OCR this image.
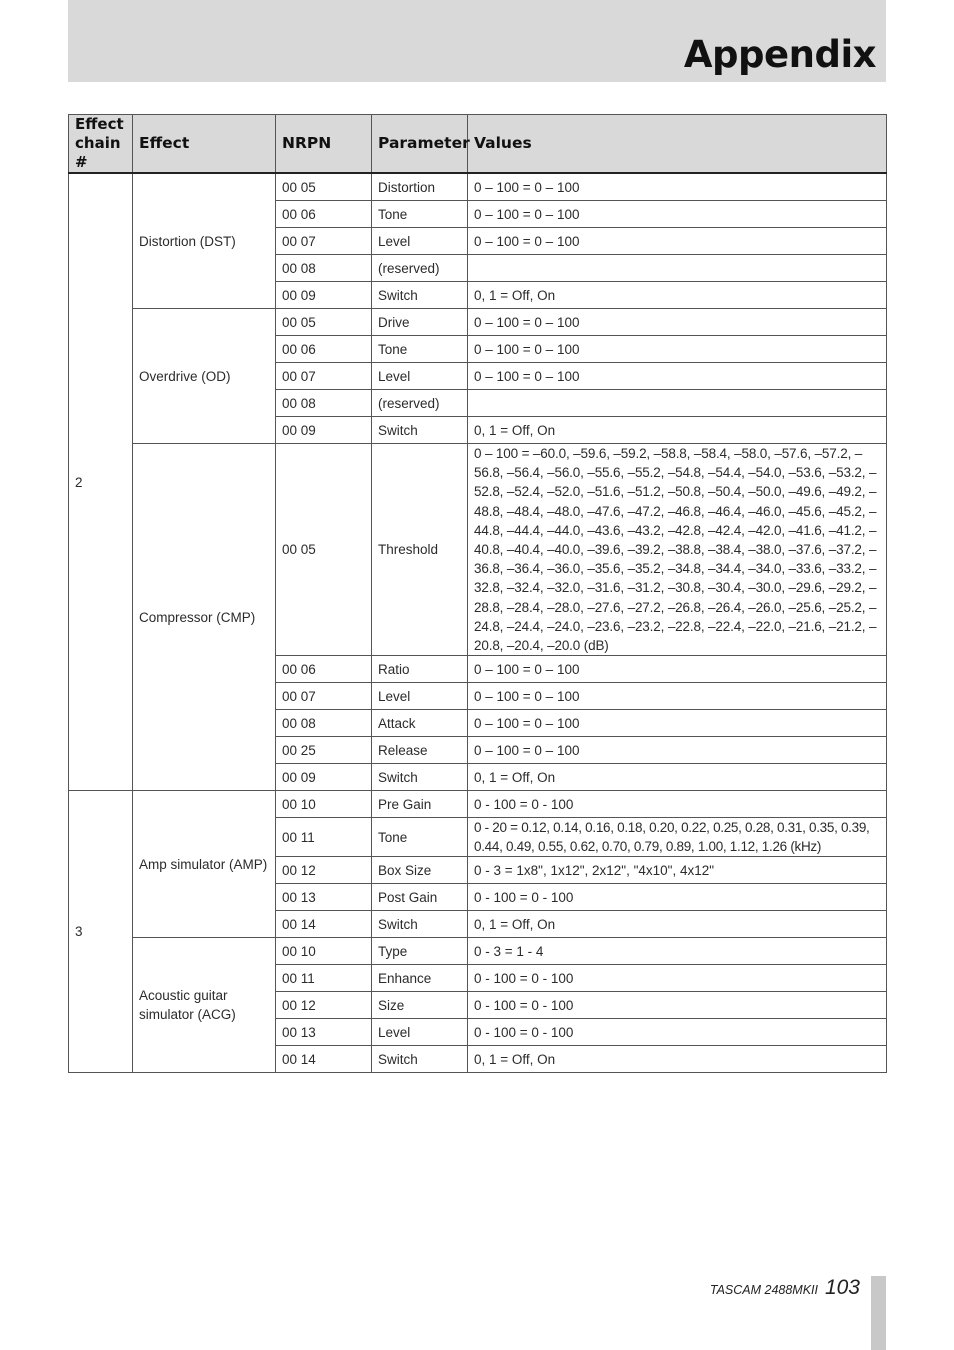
Appendix
Effect chain #	Effect	NRPN	Parameter	Values
2	Distortion (DST)	00 05	Distortion	0 – 100 = 0 – 100
		00 06	Tone	0 – 100 = 0 – 100
		00 07	Level	0 – 100 = 0 – 100
		00 08	(reserved)	
		00 09	Switch	0, 1 = Off, On
	Overdrive (OD)	00 05	Drive	0 – 100 = 0 – 100
		00 06	Tone	0 – 100 = 0 – 100
		00 07	Level	0 – 100 = 0 – 100
		00 08	(reserved)	
		00 09	Switch	0, 1 = Off, On
	Compressor (CMP)	00 05	Threshold	0 – 100 = –60.0, –59.6, –59.2, –58.8, –58.4, –58.0, –57.6, –57.2, –56.8, –56.4, –56.0, –55.6, –55.2, –54.8, –54.4, –54.0, –53.6, –53.2, –52.8, –52.4, –52.0, –51.6, –51.2, –50.8, –50.4, –50.0, –49.6, –49.2, –48.8, –48.4, –48.0, –47.6, –47.2, –46.8, –46.4, –46.0, –45.6, –45.2, –44.8, –44.4, –44.0, –43.6, –43.2, –42.8, –42.4, –42.0, –41.6, –41.2, –40.8, –40.4, –40.0, –39.6, –39.2, –38.8, –38.4, –38.0, –37.6, –37.2, –36.8, –36.4, –36.0, –35.6, –35.2, –34.8, –34.4, –34.0, –33.6, –33.2, –32.8, –32.4, –32.0, –31.6, –31.2, –30.8, –30.4, –30.0, –29.6, –29.2, –28.8, –28.4, –28.0, –27.6, –27.2, –26.8, –26.4, –26.0, –25.6, –25.2, –24.8, –24.4, –24.0, –23.6, –23.2, –22.8, –22.4, –22.0, –21.6, –21.2, –20.8, –20.4, –20.0 (dB)
		00 06	Ratio	0 – 100 = 0 – 100
		00 07	Level	0 – 100 = 0 – 100
		00 08	Attack	0 – 100 = 0 – 100
		00 25	Release	0 – 100 = 0 – 100
		00 09	Switch	0, 1 = Off, On
3	Amp simulator (AMP)	00 10	Pre Gain	0 - 100 = 0 - 100
		00 11	Tone	0 - 20 = 0.12, 0.14, 0.16, 0.18, 0.20, 0.22, 0.25, 0.28, 0.31, 0.35, 0.39, 0.44, 0.49, 0.55, 0.62, 0.70, 0.79, 0.89, 1.00, 1.12, 1.26 (kHz)
		00 12	Box Size	0 - 3 = 1x8", 1x12", 2x12", "4x10", 4x12"
		00 13	Post Gain	0 - 100 = 0 - 100
		00 14	Switch	0, 1 = Off, On
	Acoustic guitar simulator (ACG)	00 10	Type	0 - 3 = 1 - 4
		00 11	Enhance	0 - 100 = 0 - 100
		00 12	Size	0 - 100 = 0 - 100
		00 13	Level	0 - 100 = 0 - 100
		00 14	Switch	0, 1 = Off, On
TASCAM 2488MKII 103
